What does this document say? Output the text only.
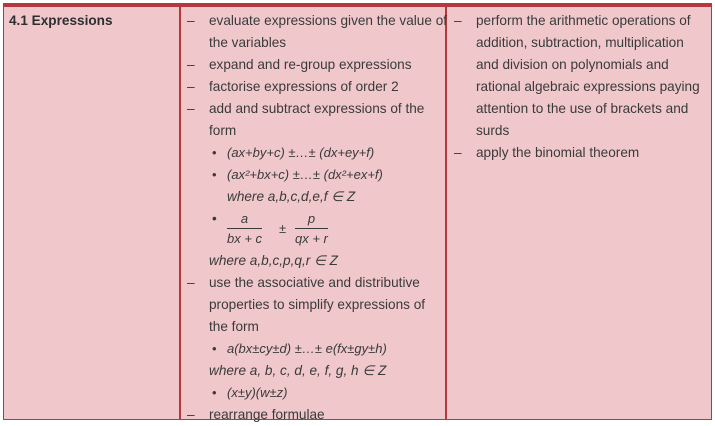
4.1 Expressions	– evaluate expressions given the value of
the variables
– expand and re-group expressions
– factorise expressions of order 2
– add and subtract expressions of the
form
• (ax+by+c) ±…± (dx+ey+f)
• (ax²+bx+c) ±…± (dx²+ex+f)
where a,b,c,d,e,f ∈ Z
• $\frac{a}{bx + c} \pm \frac{p}{qx + r}$
where a,b,c,p,q,r ∈ Z
– use the associative and distributive
properties to simplify expressions of
the form
• a(bx±cy±d) ±…± e(fx±gy±h)
where a, b, c, d, e, f, g, h ∈ Z
• (x±y)(w±z)
– rearrange formulae
– perform the arithmetic operations of
addition, subtraction, multiplication
and division on polynomials and
rational algebraic expressions paying
attention to the use of brackets and
surds
– apply the binomial theorem
